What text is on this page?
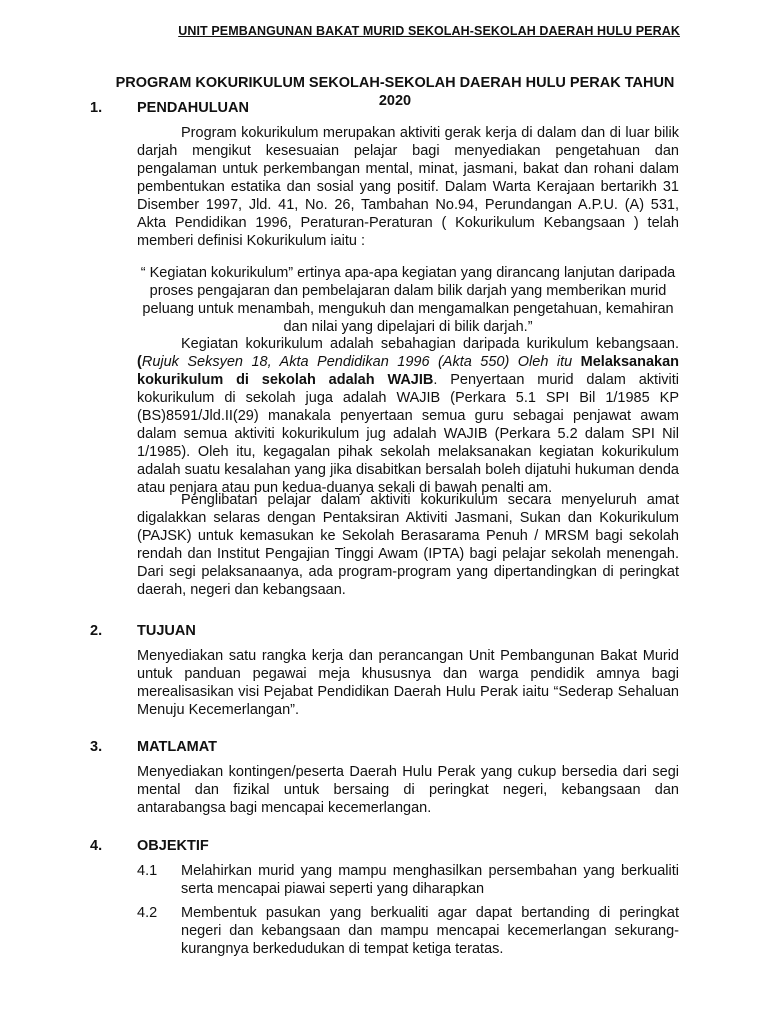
UNIT PEMBANGUNAN BAKAT MURID SEKOLAH-SEKOLAH DAERAH HULU PERAK
PROGRAM KOKURIKULUM SEKOLAH-SEKOLAH DAERAH HULU PERAK TAHUN 2020
1. PENDAHULUAN
Program kokurikulum merupakan aktiviti gerak kerja di dalam dan di luar bilik darjah mengikut kesesuaian pelajar bagi menyediakan pengetahuan dan pengalaman untuk perkembangan mental, minat, jasmani, bakat dan rohani dalam pembentukan estatika dan sosial yang positif. Dalam Warta Kerajaan bertarikh 31 Disember 1997, Jld. 41, No. 26, Tambahan No.94, Perundangan A.P.U. (A) 531, Akta Pendidikan 1996, Peraturan-Peraturan ( Kokurikulum Kebangsaan ) telah memberi definisi Kokurikulum iaitu :
“ Kegiatan kokurikulum” ertinya apa-apa kegiatan yang dirancang lanjutan daripada proses pengajaran dan pembelajaran dalam bilik darjah yang memberikan murid peluang untuk menambah, mengukuh dan mengamalkan pengetahuan, kemahiran dan nilai yang dipelajari di bilik darjah.”
Kegiatan kokurikulum adalah sebahagian daripada kurikulum kebangsaan. (Rujuk Seksyen 18, Akta Pendidikan 1996 (Akta 550) Oleh itu Melaksanakan kokurikulum di sekolah adalah WAJIB. Penyertaan murid dalam aktiviti kokurikulum di sekolah juga adalah WAJIB (Perkara 5.1 SPI Bil 1/1985 KP (BS)8591/Jld.II(29) manakala penyertaan semua guru sebagai penjawat awam dalam semua aktiviti kokurikulum jug adalah WAJIB (Perkara 5.2 dalam SPI Nil 1/1985). Oleh itu, kegagalan pihak sekolah melaksanakan kegiatan kokurikulum adalah suatu kesalahan yang jika disabitkan bersalah boleh dijatuhi hukuman denda atau penjara atau pun kedua-duanya sekali di bawah penalti am.
Penglibatan pelajar dalam aktiviti kokurikulum secara menyeluruh amat digalakkan selaras dengan Pentaksiran Aktiviti Jasmani, Sukan dan Kokurikulum (PAJSK) untuk kemasukan ke Sekolah Berasarama Penuh / MRSM bagi sekolah rendah dan Institut Pengajian Tinggi Awam (IPTA) bagi pelajar sekolah menengah. Dari segi pelaksanaanya, ada program-program yang dipertandingkan di peringkat daerah, negeri dan kebangsaan.
2. TUJUAN
Menyediakan satu rangka kerja dan perancangan Unit Pembangunan Bakat Murid untuk panduan pegawai meja khususnya dan warga pendidik amnya bagi merealisasikan visi Pejabat Pendidikan Daerah Hulu Perak iaitu “Sederap Sehaluan Menuju Kecemerlangan”.
3. MATLAMAT
Menyediakan kontingen/peserta Daerah Hulu Perak yang cukup bersedia dari segi mental dan fizikal untuk bersaing di peringkat negeri, kebangsaan dan antarabangsa bagi mencapai kecemerlangan.
4. OBJEKTIF
4.1	Melahirkan murid yang mampu menghasilkan persembahan yang berkualiti serta mencapai piawai seperti yang diharapkan
4.2	Membentuk pasukan yang berkualiti agar dapat bertanding di peringkat negeri dan kebangsaan dan mampu mencapai kecemerlangan sekurang-kurangnya berkedudukan di tempat ketiga teratas.
